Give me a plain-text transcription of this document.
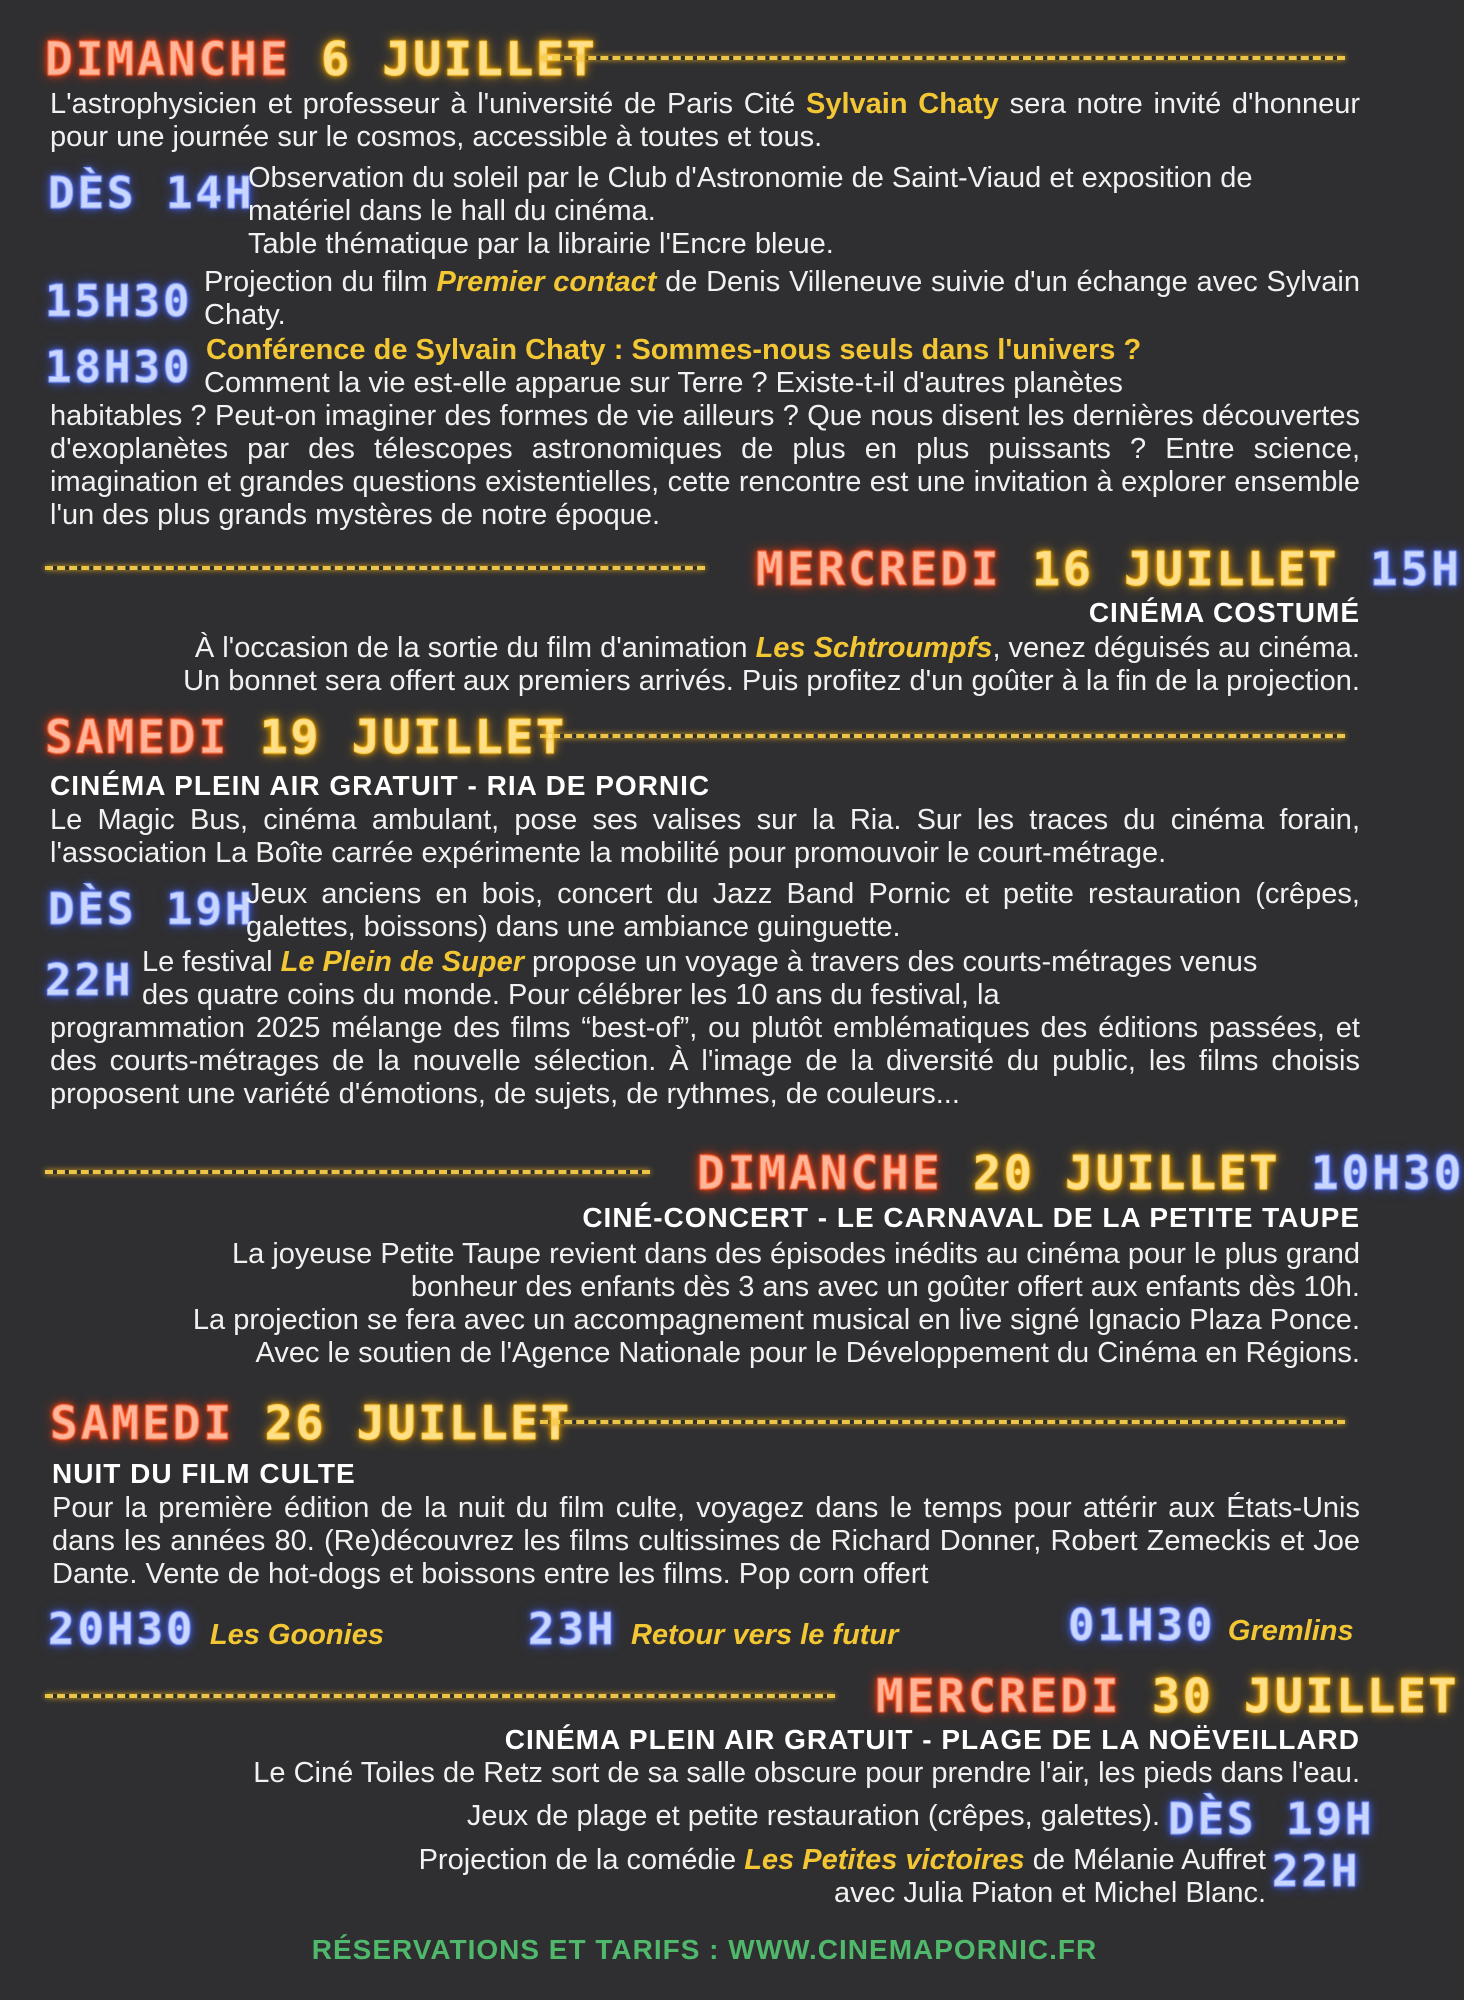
DIMANCHE 6 JUILLET
L'astrophysicien et professeur à l'université de Paris Cité Sylvain Chaty sera notre invité d'honneur pour une journée sur le cosmos, accessible à toutes et tous.
DÈS 14H
Observation du soleil par le Club d'Astronomie de Saint-Viaud et exposition de matériel dans le hall du cinéma.
Table thématique par la librairie l'Encre bleue.
15H30 Projection du film Premier contact de Denis Villeneuve suivie d'un échange avec Sylvain Chaty.
18H30 Conférence de Sylvain Chaty : Sommes-nous seuls dans l'univers ?
Comment la vie est-elle apparue sur Terre ? Existe-t-il d'autres planètes
habitables ? Peut-on imaginer des formes de vie ailleurs ? Que nous disent les dernières découvertes d'exoplanètes par des télescopes astronomiques de plus en plus puissants ? Entre science, imagination et grandes questions existentielles, cette rencontre est une invitation à explorer ensemble l'un des plus grands mystères de notre époque.
MERCREDI 16 JUILLET 15H
CINÉMA COSTUMÉ
À l'occasion de la sortie du film d'animation Les Schtroumpfs, venez déguisés au cinéma.
Un bonnet sera offert aux premiers arrivés. Puis profitez d'un goûter à la fin de la projection.
SAMEDI 19 JUILLET
CINÉMA PLEIN AIR GRATUIT - RIA DE PORNIC
Le Magic Bus, cinéma ambulant, pose ses valises sur la Ria. Sur les traces du cinéma forain, l'association La Boîte carrée expérimente la mobilité pour promouvoir le court-métrage.
DÈS 19H
Jeux anciens en bois, concert du Jazz Band Pornic et petite restauration (crêpes, galettes, boissons) dans une ambiance guinguette.
22H Le festival Le Plein de Super propose un voyage à travers des courts-métrages venus des quatre coins du monde. Pour célébrer les 10 ans du festival, la
programmation 2025 mélange des films “best-of”, ou plutôt emblématiques des éditions passées, et des courts-métrages de la nouvelle sélection. À l'image de la diversité du public, les films choisis proposent une variété d'émotions, de sujets, de rythmes, de couleurs...
DIMANCHE 20 JUILLET 10H30
CINÉ-CONCERT - LE CARNAVAL DE LA PETITE TAUPE
La joyeuse Petite Taupe revient dans des épisodes inédits au cinéma pour le plus grand
bonheur des enfants dès 3 ans avec un goûter offert aux enfants dès 10h.
La projection se fera avec un accompagnement musical en live signé Ignacio Plaza Ponce.
Avec le soutien de l'Agence Nationale pour le Développement du Cinéma en Régions.
SAMEDI 26 JUILLET
NUIT DU FILM CULTE
Pour la première édition de la nuit du film culte, voyagez dans le temps pour attérir aux États-Unis dans les années 80. (Re)découvrez les films cultissimes de Richard Donner, Robert Zemeckis et Joe Dante. Vente de hot-dogs et boissons entre les films. Pop corn offert
20H30 Les Goonies	23H Retour vers le futur	01H30 Gremlins
MERCREDI 30 JUILLET
CINÉMA PLEIN AIR GRATUIT - PLAGE DE LA NOËVEILLARD
Le Ciné Toiles de Retz sort de sa salle obscure pour prendre l'air, les pieds dans l'eau.
Jeux de plage et petite restauration (crêpes, galettes). DÈS 19H
Projection de la comédie Les Petites victoires de Mélanie Auffret
avec Julia Piaton et Michel Blanc. 22H
RÉSERVATIONS ET TARIFS : WWW.CINEMAPORNIC.FR
